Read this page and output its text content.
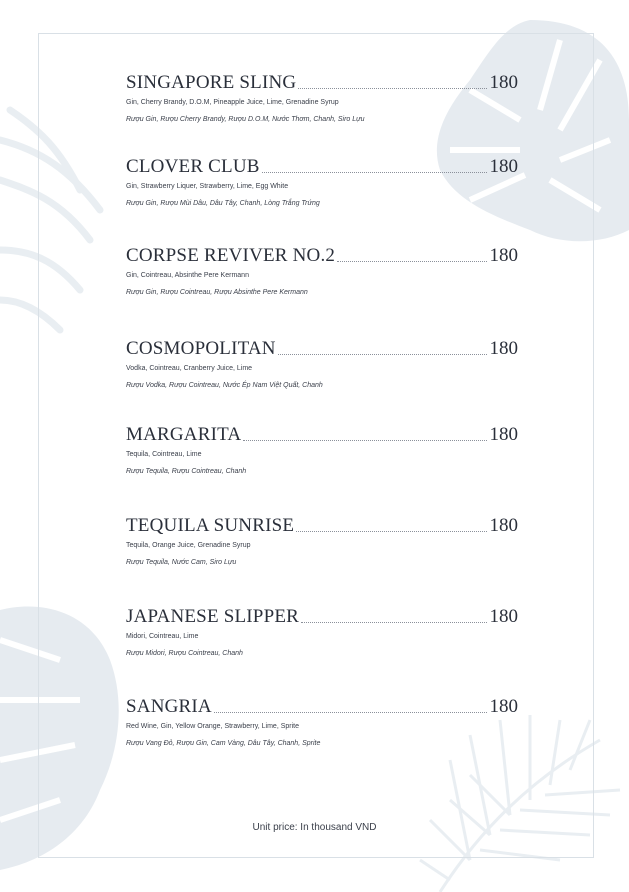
SINGAPORE SLING	180
Gin, Cherry Brandy, D.O.M, Pineapple Juice, Lime, Grenadine Syrup
Rượu Gin, Rượu Cherry Brandy, Rượu D.O.M, Nước Thơm, Chanh, Siro Lựu
CLOVER CLUB	180
Gin, Strawberry Liquer, Strawberry, Lime, Egg White
Rượu Gin, Rượu Mùi Dâu, Dâu Tây, Chanh, Lòng Trắng Trứng
CORPSE REVIVER NO.2	180
Gin, Cointreau, Absinthe Pere Kermann
Rượu Gin, Rượu Cointreau, Rượu Absinthe Pere Kermann
COSMOPOLITAN	180
Vodka, Cointreau, Cranberry Juice, Lime
Rượu Vodka, Rượu Cointreau, Nước Ép Nam Việt Quất, Chanh
MARGARITA	180
Tequila, Cointreau, Lime
Rượu Tequila, Rượu Cointreau, Chanh
TEQUILA SUNRISE	180
Tequila, Orange Juice, Grenadine Syrup
Rượu Tequila, Nước Cam, Siro Lựu
JAPANESE SLIPPER	180
Midori, Cointreau, Lime
Rượu Midori, Rượu Cointreau, Chanh
SANGRIA	180
Red Wine, Gin, Yellow Orange, Strawberry, Lime, Sprite
Rượu Vang Đỏ, Rượu Gin, Cam Vàng, Dâu Tây, Chanh, Sprite
Unit price: In thousand VND
